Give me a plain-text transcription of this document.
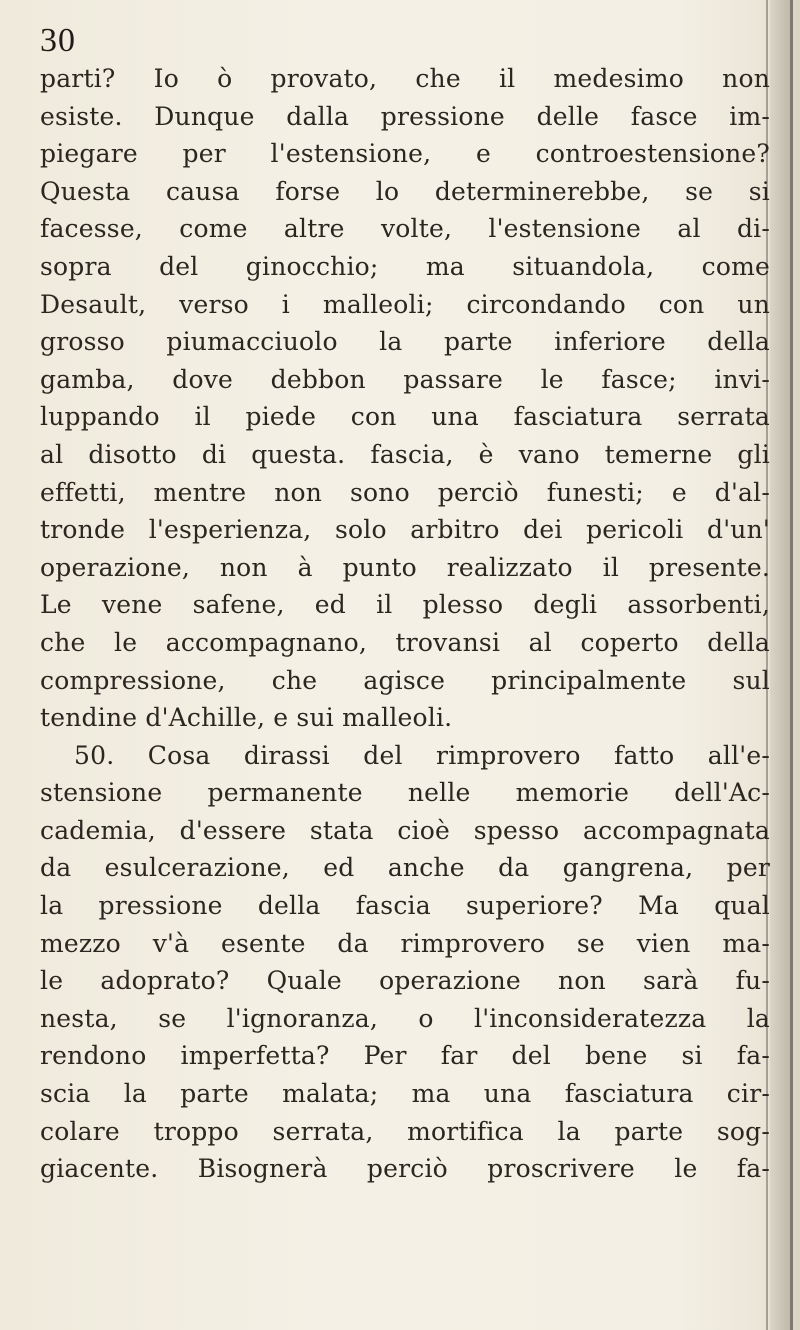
30
parti? Io ò provato, che il medesimo non
esiste. Dunque dalla pressione delle fasce im-
piegare per l'estensione, e controestensione?
Questa causa forse lo determinerebbe, se si
facesse, come altre volte, l'estensione al di-
sopra del ginocchio; ma situandola, come
Desault, verso i malleoli; circondando con un
grosso piumacciuolo la parte inferiore della
gamba, dove debbon passare le fasce; invi-
luppando il piede con una fasciatura serrata
al disotto di questa. fascia, è vano temerne gli
effetti, mentre non sono perciò funesti; e d'al-
tronde l'esperienza, solo arbitro dei pericoli d'un'
operazione, non à punto realizzato il presente.
Le vene safene, ed il plesso degli assorbenti,
che le accompagnano, trovansi al coperto della
compressione, che agisce principalmente sul
tendine d'Achille, e sui malleoli.
50. Cosa dirassi del rimprovero fatto all'e-
stensione permanente nelle memorie dell'Ac-
cademia, d'essere stata cioè spesso accompagnata
da esulcerazione, ed anche da gangrena, per
la pressione della fascia superiore? Ma qual
mezzo v'à esente da rimprovero se vien ma-
le adoprato? Quale operazione non sarà fu-
nesta, se l'ignoranza, o l'inconsideratezza la
rendono imperfetta? Per far del bene si fa-
scia la parte malata; ma una fasciatura cir-
colare troppo serrata, mortifica la parte sog-
giacente. Bisognerà perciò proscrivere le fa-
